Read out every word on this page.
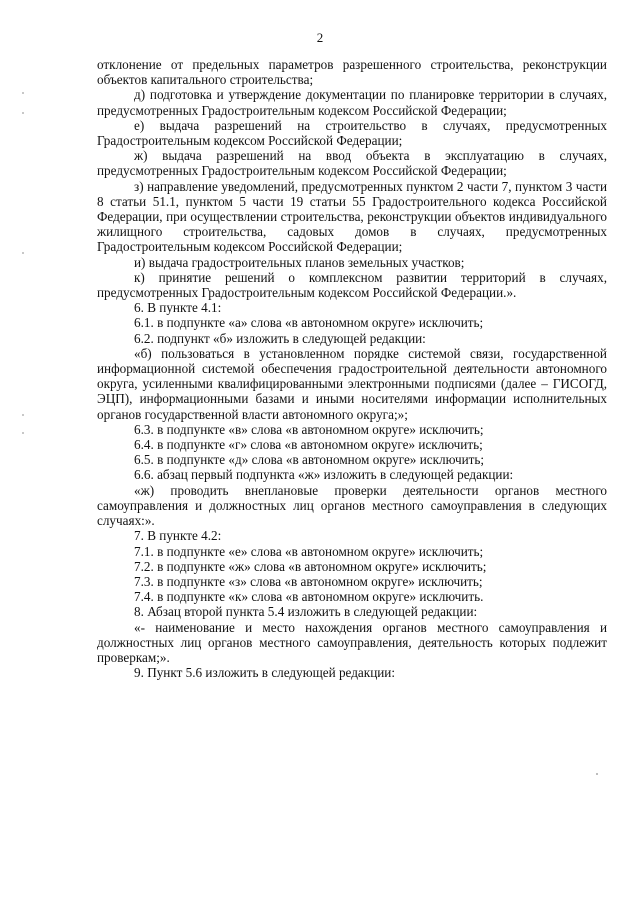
2

отклонение от предельных параметров разрешенного строительства, реконструкции объектов капитального строительства;

д) подготовка и утверждение документации по планировке территории в случаях, предусмотренных Градостроительным кодексом Российской Федерации;

е) выдача разрешений на строительство в случаях, предусмотренных Градостроительным кодексом Российской Федерации;

ж) выдача разрешений на ввод объекта в эксплуатацию в случаях, предусмотренных Градостроительным кодексом Российской Федерации;

з) направление уведомлений, предусмотренных пунктом 2 части 7, пунктом 3 части 8 статьи 51.1, пунктом 5 части 19 статьи 55 Градостроительного кодекса Российской Федерации, при осуществлении строительства, реконструкции объектов индивидуального жилищного строительства, садовых домов в случаях, предусмотренных Градостроительным кодексом Российской Федерации;

и) выдача градостроительных планов земельных участков;

к) принятие решений о комплексном развитии территорий в случаях, предусмотренных Градостроительным кодексом Российской Федерации.».

6. В пункте 4.1:

6.1. в подпункте «а» слова «в автономном округе» исключить;

6.2. подпункт «б» изложить в следующей редакции:

«б) пользоваться в установленном порядке системой связи, государственной информационной системой обеспечения градостроительной деятельности автономного округа, усиленными квалифицированными электронными подписями (далее – ГИСОГД, ЭЦП), информационными базами и иными носителями информации исполнительных органов государственной власти автономного округа;»;

6.3. в подпункте «в» слова «в автономном округе» исключить;

6.4. в подпункте «г» слова «в автономном округе» исключить;

6.5. в подпункте «д» слова «в автономном округе» исключить;

6.6. абзац первый подпункта «ж» изложить в следующей редакции:

«ж) проводить внеплановые проверки деятельности органов местного самоуправления и должностных лиц органов местного самоуправления в следующих случаях:».

7. В пункте 4.2:

7.1. в подпункте «е» слова «в автономном округе» исключить;

7.2. в подпункте «ж» слова «в автономном округе» исключить;

7.3. в подпункте «з» слова «в автономном округе» исключить;

7.4. в подпункте «к» слова «в автономном округе» исключить.

8. Абзац второй пункта 5.4 изложить в следующей редакции:

«- наименование и место нахождения органов местного самоуправления и должностных лиц органов местного самоуправления, деятельность которых подлежит проверкам;».

9. Пункт 5.6 изложить в следующей редакции:
